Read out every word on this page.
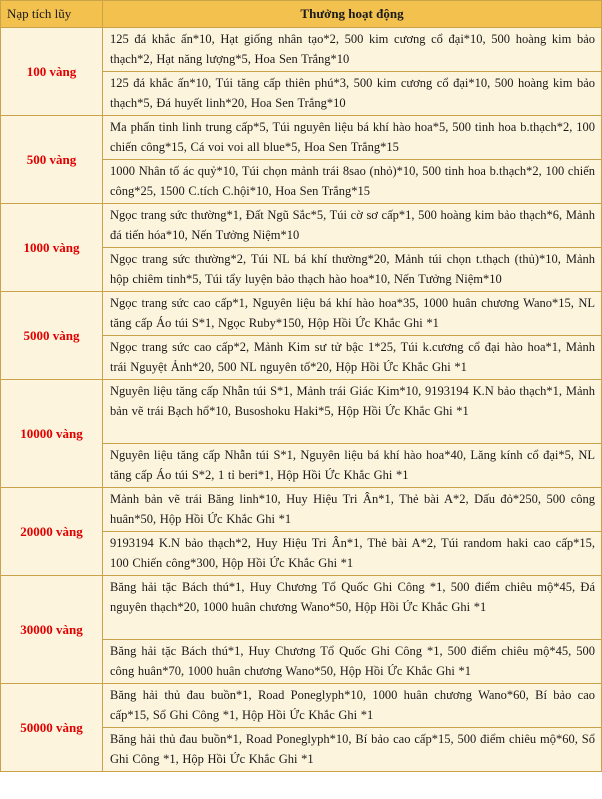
Nạp tích lũy	Thưởng hoạt động
100 vàng	125 đá khắc ấn*10, Hạt giống nhân tạo*2, 500 kim cương cổ đại*10, 500 hoàng kim bảo thạch*2, Hạt năng lượng*5, Hoa Sen Trắng*10
	125 đá khắc ấn*10, Túi tăng cấp thiên phú*3, 500 kim cương cổ đại*10, 500 hoàng kim bảo thạch*5, Đá huyết linh*20, Hoa Sen Trắng*10
500 vàng	Ma phấn tinh linh trung cấp*5, Túi nguyên liệu bá khí hào hoa*5, 500 tinh hoa b.thạch*2, 100 chiến công*15, Cá voi voi all blue*5, Hoa Sen Trắng*15
	1000 Nhân tố ác quỷ*10, Túi chọn mảnh trái 8sao (nhỏ)*10, 500 tinh hoa b.thạch*2, 100 chiến công*25, 1500 C.tích C.hội*10, Hoa Sen Trắng*15
1000 vàng	Ngọc trang sức thường*1, Đất Ngũ Sắc*5, Túi cờ sơ cấp*1, 500 hoàng kim bảo thạch*6, Mảnh đá tiến hóa*10, Nến Tưởng Niệm*10
	Ngọc trang sức thường*2, Túi NL bá khí thường*20, Mảnh túi chọn t.thạch (thủ)*10, Mảnh hộp chiêm tinh*5, Túi tẩy luyện bảo thạch hào hoa*10, Nến Tưởng Niệm*10
5000 vàng	Ngọc trang sức cao cấp*1, Nguyên liệu bá khí hào hoa*35, 1000 huân chương Wano*15, NL tăng cấp Áo túi S*1, Ngọc Ruby*150, Hộp Hồi Ức Khắc Ghi *1
	Ngọc trang sức cao cấp*2, Mảnh Kim sư tử bậc 1*25, Túi k.cương cổ đại hào hoa*1, Mảnh trái Nguyệt Ảnh*20, 500 NL nguyên tố*20, Hộp Hồi Ức Khắc Ghi *1
10000 vàng	Nguyên liệu tăng cấp Nhẫn túi S*1, Mảnh trái Giác Kim*10, 9193194 K.N bảo thạch*1, Mảnh bản vẽ trái Bạch hổ*10, Busoshoku Haki*5, Hộp Hồi Ức Khắc Ghi *1
	Nguyên liệu tăng cấp Nhẫn túi S*1, Nguyên liệu bá khí hào hoa*40, Lăng kính cổ đại*5, NL tăng cấp Áo túi S*2, 1 tỉ beri*1, Hộp Hồi Ức Khắc Ghi *1
20000 vàng	Mảnh bản vẽ trái Băng linh*10, Huy Hiệu Tri Ân*1, Thẻ bài A*2, Dấu đỏ*250, 500 công huân*50, Hộp Hồi Ức Khắc Ghi *1
	9193194 K.N bảo thạch*2, Huy Hiệu Tri Ân*1, Thẻ bài A*2, Túi random haki cao cấp*15, 100 Chiến công*300, Hộp Hồi Ức Khắc Ghi *1
30000 vàng	Băng hải tặc Bách thú*1, Huy Chương Tổ Quốc Ghi Công *1, 500 điểm chiêu mộ*45, Đá nguyên thạch*20, 1000 huân chương Wano*50, Hộp Hồi Ức Khắc Ghi *1
	Băng hải tặc Bách thú*1, Huy Chương Tổ Quốc Ghi Công *1, 500 điểm chiêu mộ*45, 500 công huân*70, 1000 huân chương Wano*50, Hộp Hồi Ức Khắc Ghi *1
50000 vàng	Băng hải thủ đau buồn*1, Road Poneglyph*10, 1000 huân chương Wano*60, Bí bảo cao cấp*15, Sổ Ghi Công *1, Hộp Hồi Ức Khắc Ghi *1
	Băng hải thủ đau buồn*1, Road Poneglyph*10, Bí bảo cao cấp*15, 500 điểm chiêu mộ*60, Sổ Ghi Công *1, Hộp Hồi Ức Khắc Ghi *1
